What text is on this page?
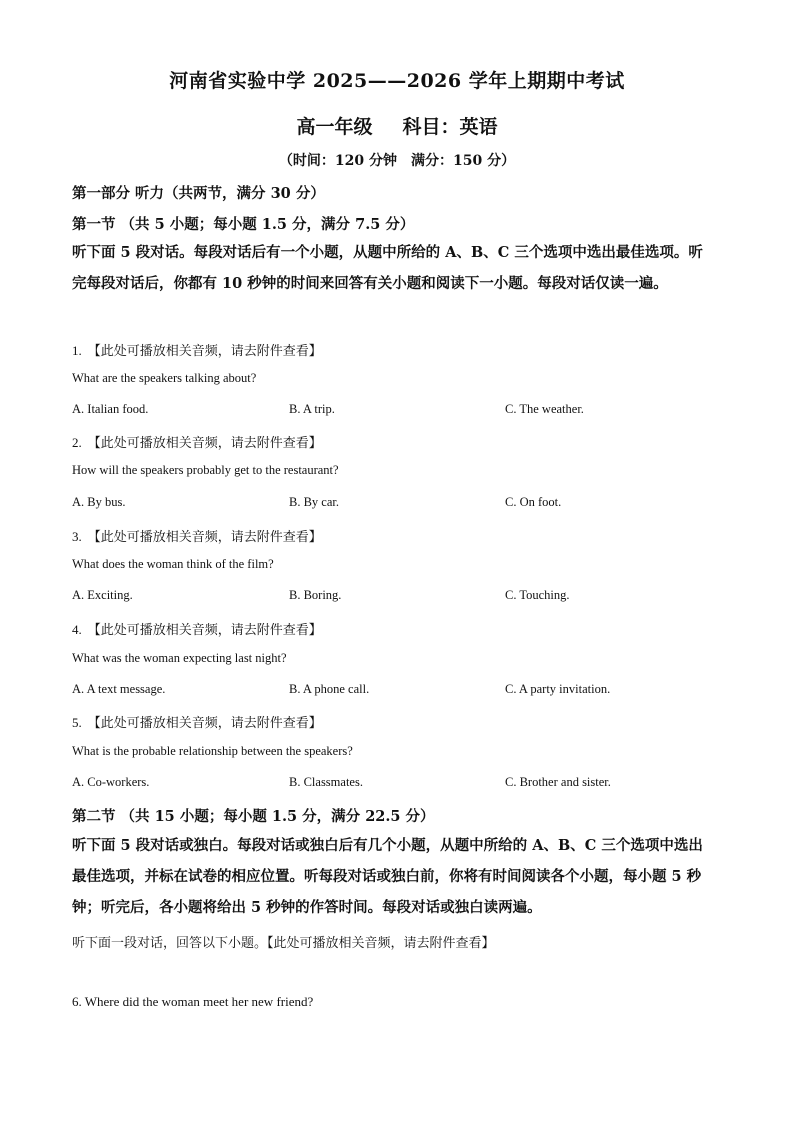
河南省实验中学 2025——2026 学年上期期中考试
高一年级 科目：英语
（时间：120 分钟　满分：150 分）
第一部分 听力（共两节，满分 30 分）
第一节 （共 5 小题；每小题 1.5 分，满分 7.5 分）
听下面 5 段对话。每段对话后有一个小题，从题中所给的 A、B、C 三个选项中选出最佳选项。听完每段对话后，你都有 10 秒钟的时间来回答有关小题和阅读下一小题。每段对话仅读一遍。
1. 【此处可播放相关音频，请去附件查看】
What are the speakers talking about?
A. Italian food.	B. A trip.	C. The weather.
2. 【此处可播放相关音频，请去附件查看】
How will the speakers probably get to the restaurant?
A. By bus.	B. By car.	C. On foot.
3. 【此处可播放相关音频，请去附件查看】
What does the woman think of the film?
A. Exciting.	B. Boring.	C. Touching.
4. 【此处可播放相关音频，请去附件查看】
What was the woman expecting last night?
A. A text message.	B. A phone call.	C. A party invitation.
5. 【此处可播放相关音频，请去附件查看】
What is the probable relationship between the speakers?
A. Co-workers.	B. Classmates.	C. Brother and sister.
第二节 （共 15 小题；每小题 1.5 分，满分 22.5 分）
听下面 5 段对话或独白。每段对话或独白后有几个小题，从题中所给的 A、B、C 三个选项中选出最佳选项，并标在试卷的相应位置。听每段对话或独白前，你将有时间阅读各个小题，每小题 5 秒钟；听完后，各小题将给出 5 秒钟的作答时间。每段对话或独白读两遍。
听下面一段对话，回答以下小题。【此处可播放相关音频，请去附件查看】
6. Where did the woman meet her new friend?
